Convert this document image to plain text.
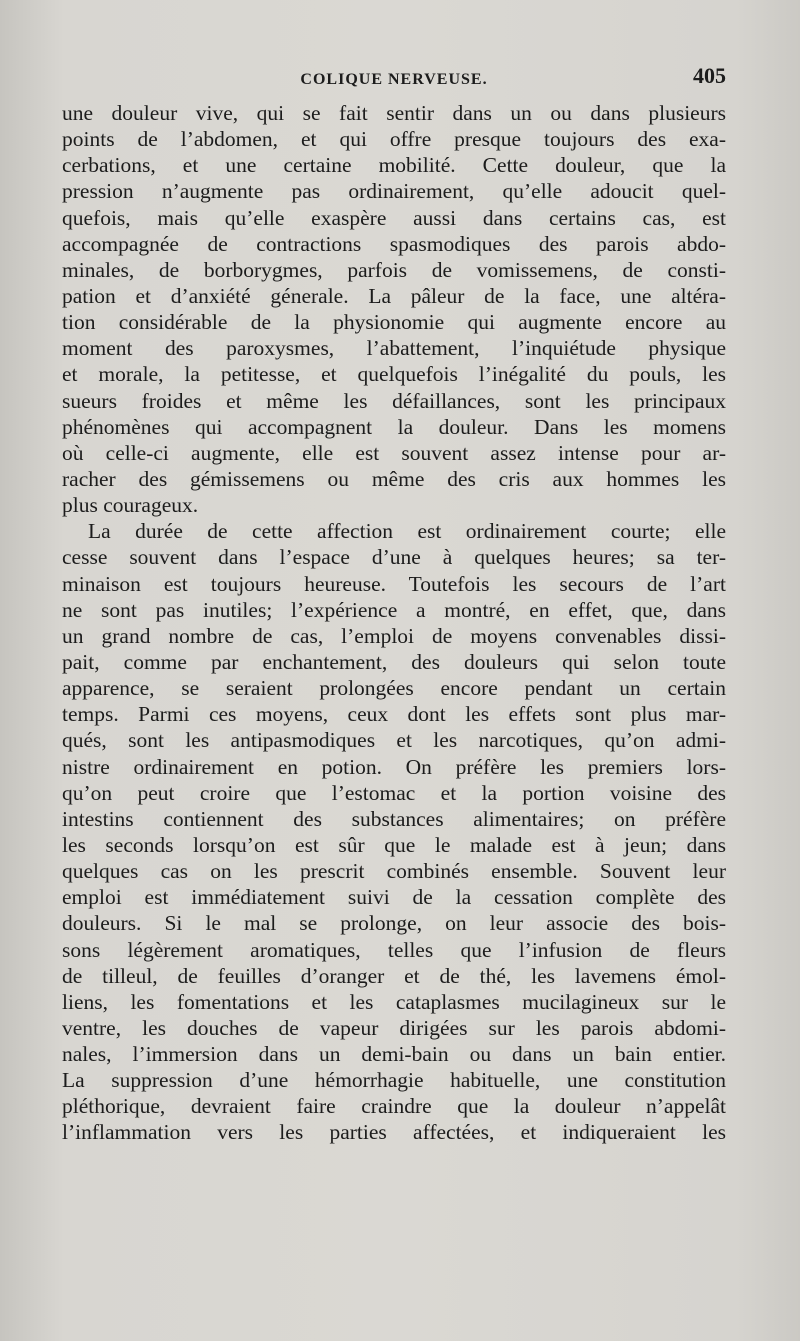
COLIQUE NERVEUSE.	405
une douleur vive, qui se fait sentir dans un ou dans plusieurs
points de l’abdomen, et qui offre presque toujours des exa-
cerbations, et une certaine mobilité. Cette douleur, que la
pression n’augmente pas ordinairement, qu’elle adoucit quel-
quefois, mais qu’elle exaspère aussi dans certains cas, est
accompagnée de contractions spasmodiques des parois abdo-
minales, de borborygmes, parfois de vomissemens, de consti-
pation et d’anxiété génerale. La pâleur de la face, une altéra-
tion considérable de la physionomie qui augmente encore au
moment des paroxysmes, l’abattement, l’inquiétude physique
et morale, la petitesse, et quelquefois l’inégalité du pouls, les
sueurs froides et même les défaillances, sont les principaux
phénomènes qui accompagnent la douleur. Dans les momens
où celle-ci augmente, elle est souvent assez intense pour ar-
racher des gémissemens ou même des cris aux hommes les
plus courageux.
La durée de cette affection est ordinairement courte; elle
cesse souvent dans l’espace d’une à quelques heures; sa ter-
minaison est toujours heureuse. Toutefois les secours de l’art
ne sont pas inutiles; l’expérience a montré, en effet, que, dans
un grand nombre de cas, l’emploi de moyens convenables dissi-
pait, comme par enchantement, des douleurs qui selon toute
apparence, se seraient prolongées encore pendant un certain
temps. Parmi ces moyens, ceux dont les effets sont plus mar-
qués, sont les antipasmodiques et les narcotiques, qu’on admi-
nistre ordinairement en potion. On préfère les premiers lors-
qu’on peut croire que l’estomac et la portion voisine des
intestins contiennent des substances alimentaires; on préfère
les seconds lorsqu’on est sûr que le malade est à jeun; dans
quelques cas on les prescrit combinés ensemble. Souvent leur
emploi est immédiatement suivi de la cessation complète des
douleurs. Si le mal se prolonge, on leur associe des bois-
sons légèrement aromatiques, telles que l’infusion de fleurs
de tilleul, de feuilles d’oranger et de thé, les lavemens émol-
liens, les fomentations et les cataplasmes mucilagineux sur le
ventre, les douches de vapeur dirigées sur les parois abdomi-
nales, l’immersion dans un demi-bain ou dans un bain entier.
La suppression d’une hémorrhagie habituelle, une constitution
pléthorique, devraient faire craindre que la douleur n’appelât
l’inflammation vers les parties affectées, et indiqueraient les
